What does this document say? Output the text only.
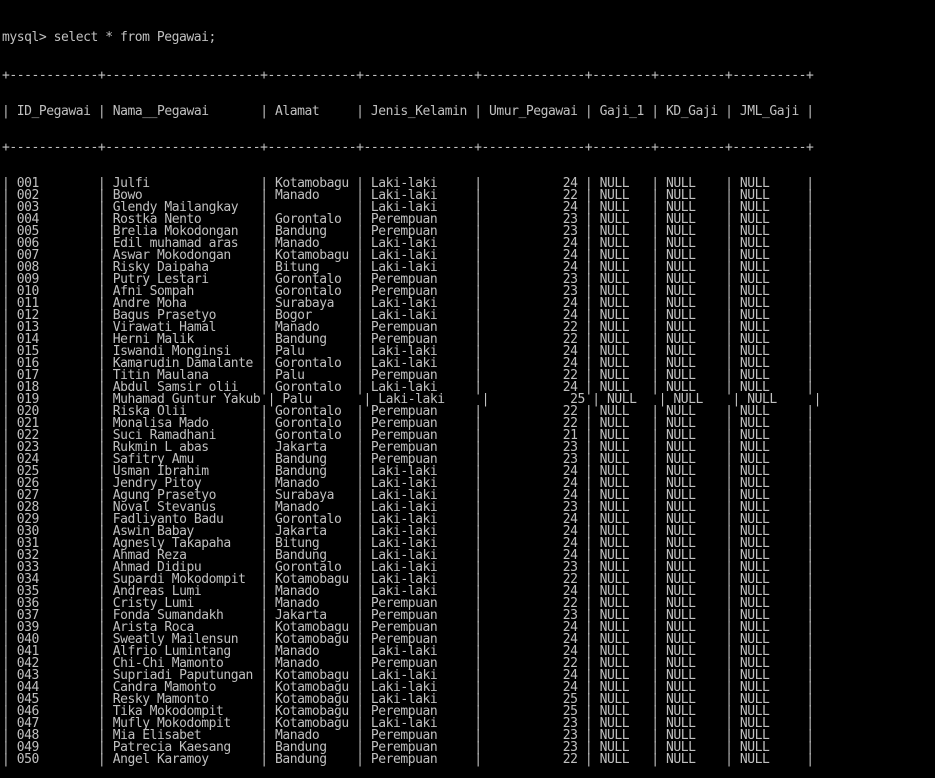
mysql> select * from Pegawai;

+------------+---------------------+------------+---------------+--------------+--------+---------+----------+

| ID_Pegawai | Nama__Pegawai       | Alamat     | Jenis_Kelamin | Umur_Pegawai | Gaji_1 | KD_Gaji | JML_Gaji |

+------------+---------------------+------------+---------------+--------------+--------+---------+----------+

| 001        | Julfi               | Kotamobagu | Laki-laki     |           24 | NULL   | NULL    | NULL     |
| 002        | Bowo                | Manado     | Laki-laki     |           22 | NULL   | NULL    | NULL     |
| 003        | Glendy Mailangkay   |	| Laki-laki     |           24 | NULL   | NULL    | NULL     |
| 004        | Rostka Nento        | Gorontalo  | Perempuan     |           23 | NULL   | NULL    | NULL     |
| 005        | Brelia Mokodongan   | Bandung    | Perempuan     |           23 | NULL   | NULL    | NULL     |
| 006        | Edil muhamad aras   | Manado     | Laki-laki     |           24 | NULL   | NULL    | NULL     |
| 007        | Aswar Mokodongan    | Kotamobagu | Laki-laki     |           24 | NULL   | NULL    | NULL     |
| 008        | Risky Daipaha       | Bitung     | Laki-laki     |           24 | NULL   | NULL    | NULL     |
| 009        | Putry Lestari       | Gorontalo  | Perempuan     |           23 | NULL   | NULL    | NULL     |
| 010        | Afni Sompah         | Gorontalo  | Perempuan     |           23 | NULL   | NULL    | NULL     |
| 011        | Andre Moha          | Surabaya   | Laki-laki     |           24 | NULL   | NULL    | NULL     |
| 012        | Bagus Prasetyo      | Bogor      | Laki-laki     |           24 | NULL   | NULL    | NULL     |
| 013        | Virawati Hamal      | Manado     | Perempuan     |           22 | NULL   | NULL    | NULL     |
| 014        | Herni Malik         | Bandung    | Perempuan     |           22 | NULL   | NULL    | NULL     |
| 015        | Iswandi Monginsi    | Palu       | Laki-laki     |           24 | NULL   | NULL    | NULL     |
| 016        | Kamarudin Damalante | Gorontalo  | Laki-laki     |           24 | NULL   | NULL    | NULL     |
| 017        | Titin Maulana       | Palu       | Perempuan     |           22 | NULL   | NULL    | NULL     |
| 018        | Abdul Samsir olii   | Gorontalo  | Laki-laki     |           24 | NULL   | NULL    | NULL     |
| 019        | Muhamad Guntur Yakub | Palu       | Laki-laki     |           25 | NULL   | NULL    | NULL     |
| 020        | Riska Olii          | Gorontalo  | Perempuan     |           22 | NULL   | NULL    | NULL     |
| 021        | Monalisa Mado       | Gorontalo  | Perempuan     |           22 | NULL   | NULL    | NULL     |
| 022        | Suci Ramadhani      | Gorontalo  | Perempuan     |           21 | NULL   | NULL    | NULL     |
| 023        | Rukmin L abas       | Jakarta    | Perempuan     |           23 | NULL   | NULL    | NULL     |
| 024        | Safitry Amu         | Bandung    | Perempuan     |           23 | NULL   | NULL    | NULL     |
| 025        | Usman Ibrahim       | Bandung    | Laki-laki     |           24 | NULL   | NULL    | NULL     |
| 026        | Jendry Pitoy        | Manado     | Laki-laki     |           24 | NULL   | NULL    | NULL     |
| 027        | Agung Prasetyo      | Surabaya   | Laki-laki     |           24 | NULL   | NULL    | NULL     |
| 028        | Noval Stevanus      | Manado     | Laki-laki     |           23 | NULL   | NULL    | NULL     |
| 029        | Fadliyanto Badu     | Gorontalo  | Laki-laki     |           24 | NULL   | NULL    | NULL     |
| 030        | Aswin Babay         | Jakarta    | Laki-laki     |           24 | NULL   | NULL    | NULL     |
| 031        | Agnesly Takapaha    | Bitung     | Laki-laki     |           24 | NULL   | NULL    | NULL     |
| 032        | Ahmad Reza          | Bandung    | Laki-laki     |           24 | NULL   | NULL    | NULL     |
| 033        | Ahmad Didipu        | Gorontalo  | Laki-laki     |           23 | NULL   | NULL    | NULL     |
| 034        | Supardi Mokodompit  | Kotamobagu | Laki-laki     |           22 | NULL   | NULL    | NULL     |
| 035        | Andreas Lumi        | Manado     | Laki-laki     |           24 | NULL   | NULL    | NULL     |
| 036        | Cristy Lumi         | Manado     | Perempuan     |           22 | NULL   | NULL    | NULL     |
| 037        | Fonda Sumandakh     | Jakarta    | Perempuan     |           23 | NULL   | NULL    | NULL     |
| 039        | Arista Roca         | Kotamobagu | Perempuan     |           24 | NULL   | NULL    | NULL     |
| 040        | Sweatly Mailensun   | Kotamobagu | Perempuan     |           24 | NULL   | NULL    | NULL     |
| 041        | Alfrio Lumintang    | Manado     | Laki-laki     |           24 | NULL   | NULL    | NULL     |
| 042        | Chi-Chi Mamonto     | Manado     | Perempuan     |           22 | NULL   | NULL    | NULL     |
| 043        | Supriadi Paputungan | Kotamobagu | Laki-laki     |           24 | NULL   | NULL    | NULL     |
| 044        | Candra Mamonto      | Kotamobagu | Laki-laki     |           24 | NULL   | NULL    | NULL     |
| 045        | Resky Mamonto       | Kotamobagu | Laki-laki     |           25 | NULL   | NULL    | NULL     |
| 046        | Tika Mokodompit     | Kotamobagu | Perempuan     |           25 | NULL   | NULL    | NULL     |
| 047        | Mufly Mokodompit    | Kotamobagu | Laki-laki     |           23 | NULL   | NULL    | NULL     |
| 048        | Mia Elisabet        | Manado     | Perempuan     |           23 | NULL   | NULL    | NULL     |
| 049        | Patrecia Kaesang    | Bandung    | Perempuan     |           23 | NULL   | NULL    | NULL     |
| 050        | Angel Karamoy       | Bandung    | Perempuan     |           22 | NULL   | NULL    | NULL     |
